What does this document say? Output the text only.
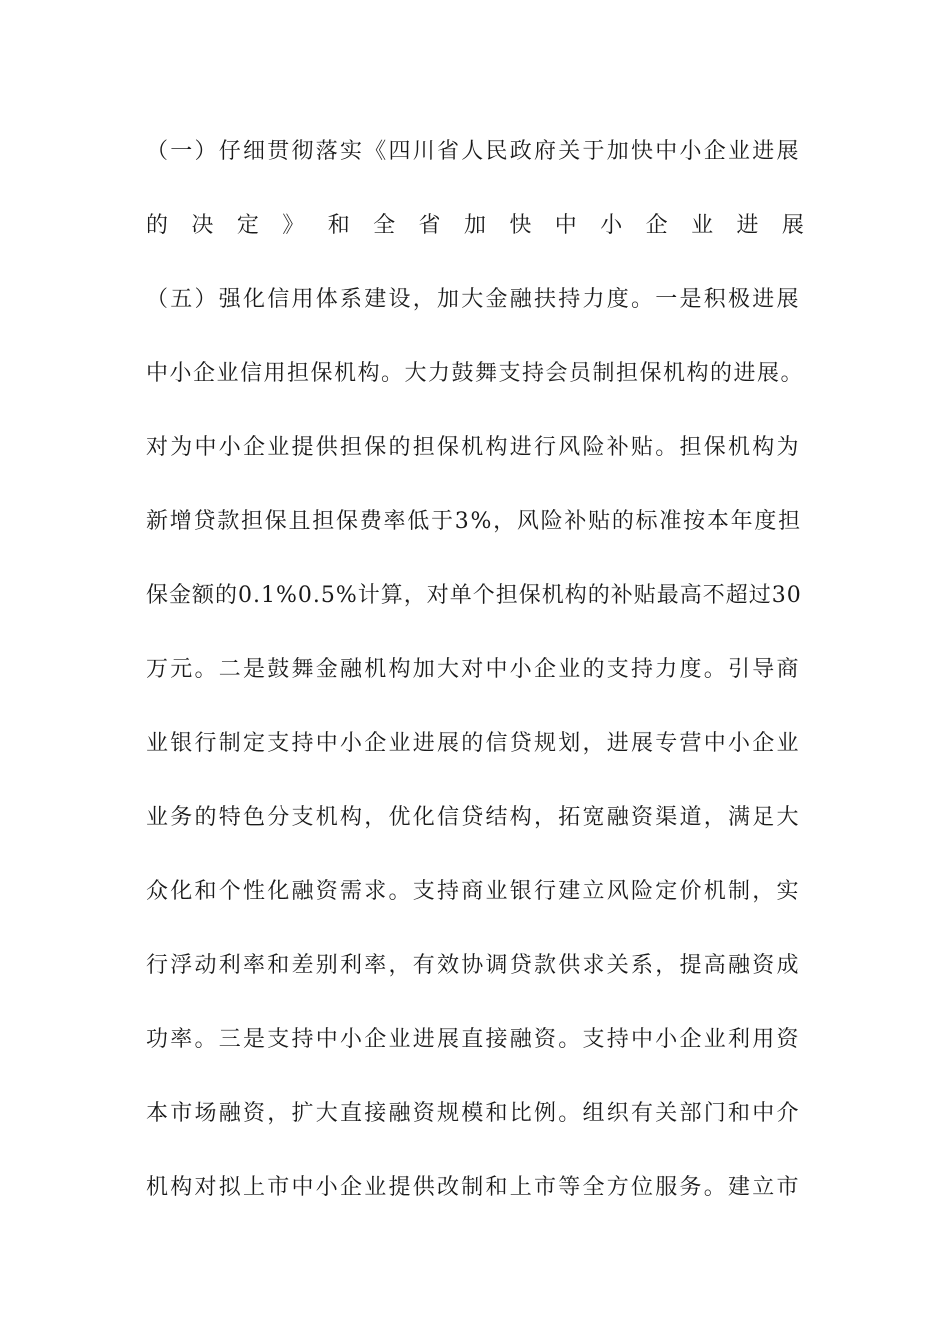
（一）仔细贯彻落实《四川省人民政府关于加快中小企业进展
的 决 定 》 和 全 省 加 快 中 小 企 业 进 展
（五）强化信用体系建设，加大金融扶持力度。一是积极进展
中小企业信用担保机构。大力鼓舞支持会员制担保机构的进展。
对为中小企业提供担保的担保机构进行风险补贴。担保机构为
新增贷款担保且担保费率低于3%，风险补贴的标准按本年度担
保金额的0.1%0.5%计算，对单个担保机构的补贴最高不超过30
万元。二是鼓舞金融机构加大对中小企业的支持力度。引导商
业银行制定支持中小企业进展的信贷规划，进展专营中小企业
业务的特色分支机构，优化信贷结构，拓宽融资渠道，满足大
众化和个性化融资需求。支持商业银行建立风险定价机制，实
行浮动利率和差别利率，有效协调贷款供求关系，提高融资成
功率。三是支持中小企业进展直接融资。支持中小企业利用资
本市场融资，扩大直接融资规模和比例。组织有关部门和中介
机构对拟上市中小企业提供改制和上市等全方位服务。建立市
